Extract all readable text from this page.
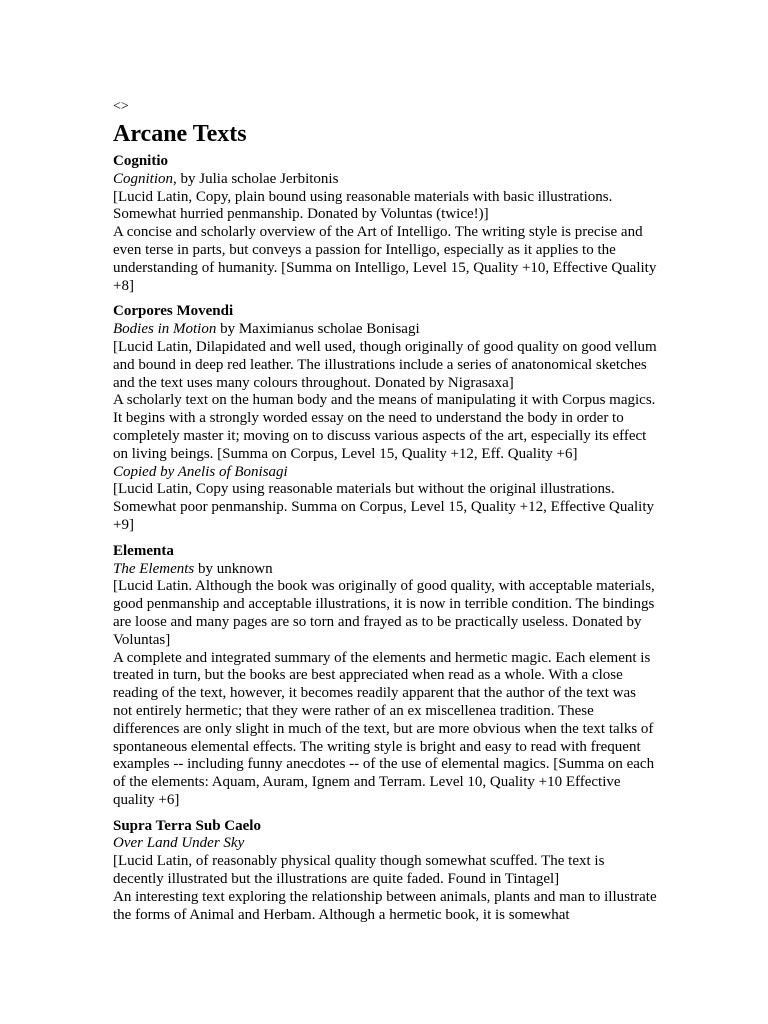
<>
Arcane Texts
Cognitio
Cognition, by Julia scholae Jerbitonis
[Lucid Latin, Copy, plain bound using reasonable materials with basic illustrations. Somewhat hurried penmanship. Donated by Voluntas (twice!)]
A concise and scholarly overview of the Art of Intelligo. The writing style is precise and even terse in parts, but conveys a passion for Intelligo, especially as it applies to the understanding of humanity. [Summa on Intelligo, Level 15, Quality +10, Effective Quality +8]
Corpores Movendi
Bodies in Motion by Maximianus scholae Bonisagi
[Lucid Latin, Dilapidated and well used, though originally of good quality on good vellum and bound in deep red leather. The illustrations include a series of anatonomical sketches and the text uses many colours throughout. Donated by Nigrasaxa]
A scholarly text on the human body and the means of manipulating it with Corpus magics. It begins with a strongly worded essay on the need to understand the body in order to completely master it; moving on to discuss various aspects of the art, especially its effect on living beings. [Summa on Corpus, Level 15, Quality +12, Eff. Quality +6]
Copied by Anelis of Bonisagi
[Lucid Latin, Copy using reasonable materials but without the original illustrations. Somewhat poor penmanship. Summa on Corpus, Level 15, Quality +12, Effective Quality +9]
Elementa
The Elements by unknown
[Lucid Latin. Although the book was originally of good quality, with acceptable materials, good penmanship and acceptable illustrations, it is now in terrible condition. The bindings are loose and many pages are so torn and frayed as to be practically useless. Donated by Voluntas]
A complete and integrated summary of the elements and hermetic magic. Each element is treated in turn, but the books are best appreciated when read as a whole. With a close reading of the text, however, it becomes readily apparent that the author of the text was not entirely hermetic; that they were rather of an ex miscellenea tradition. These differences are only slight in much of the text, but are more obvious when the text talks of spontaneous elemental effects. The writing style is bright and easy to read with frequent examples -- including funny anecdotes -- of the use of elemental magics. [Summa on each of the elements: Aquam, Auram, Ignem and Terram. Level 10, Quality +10 Effective quality +6]
Supra Terra Sub Caelo
Over Land Under Sky
[Lucid Latin, of reasonably physical quality though somewhat scuffed. The text is decently illustrated but the illustrations are quite faded. Found in Tintagel]
An interesting text exploring the relationship between animals, plants and man to illustrate the forms of Animal and Herbam. Although a hermetic book, it is somewhat
